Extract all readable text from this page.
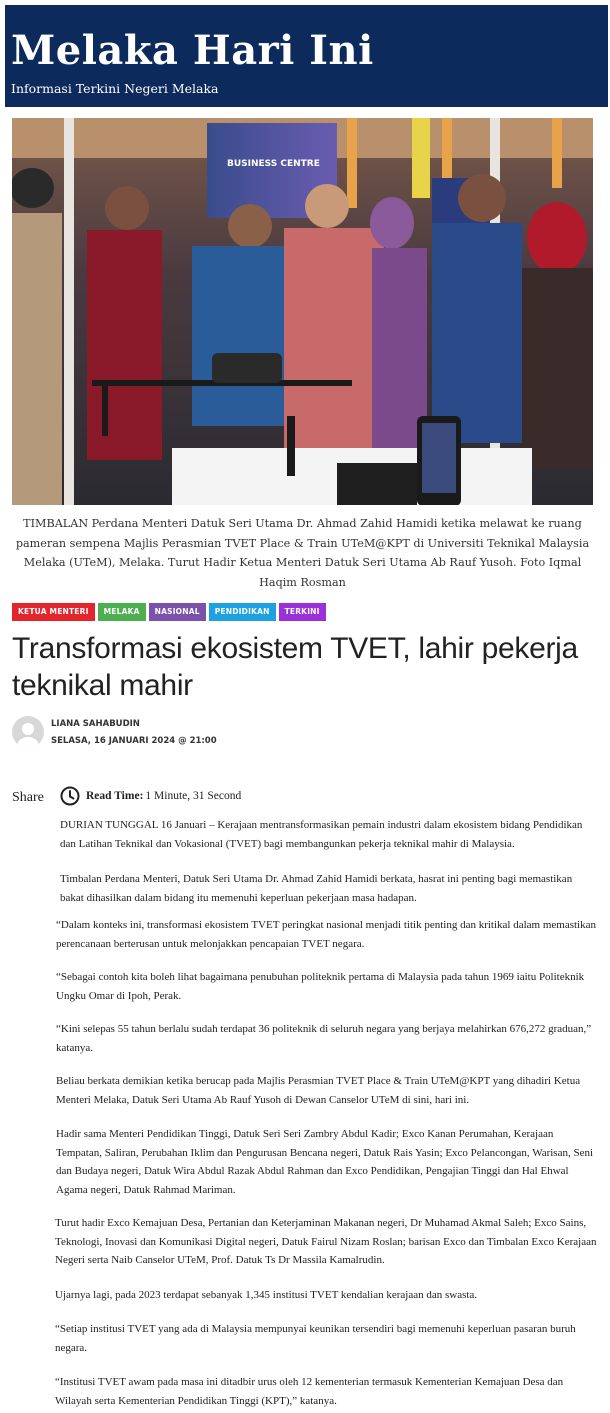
Melaka Hari Ini
Informasi Terkini Negeri Melaka
BUSINESS CENTRE
TIMBALAN Perdana Menteri Datuk Seri Utama Dr. Ahmad Zahid Hamidi ketika melawat ke ruang pameran sempena Majlis Perasmian TVET Place & Train UTeM@KPT di Universiti Teknikal Malaysia Melaka (UTeM), Melaka. Turut Hadir Ketua Menteri Datuk Seri Utama Ab Rauf Yusoh. Foto Iqmal Haqim Rosman
KETUA MENTERI	MELAKA	NASIONAL	PENDIDIKAN	TERKINI
Transformasi ekosistem TVET, lahir pekerja teknikal mahir
LIANA SAHABUDIN
SELASA, 16 JANUARI 2024 @ 21:00
Share	Read Time: 1 Minute, 31 Second

DURIAN TUNGGAL 16 Januari – Kerajaan mentransformasikan pemain industri dalam ekosistem bidang Pendidikan dan Latihan Teknikal dan Vokasional (TVET) bagi membangunkan pekerja teknikal mahir di Malaysia.

Timbalan Perdana Menteri, Datuk Seri Utama Dr. Ahmad Zahid Hamidi berkata, hasrat ini penting bagi memastikan bakat dihasilkan dalam bidang itu memenuhi keperluan pekerjaan masa hadapan.

“Dalam konteks ini, transformasi ekosistem TVET peringkat nasional menjadi titik penting dan kritikal dalam memastikan perencanaan berterusan untuk melonjakkan pencapaian TVET negara.

“Sebagai contoh kita boleh lihat bagaimana penubuhan politeknik pertama di Malaysia pada tahun 1969 iaitu Politeknik Ungku Omar di Ipoh, Perak.

“Kini selepas 55 tahun berlalu sudah terdapat 36 politeknik di seluruh negara yang berjaya melahirkan 676,272 graduan,” katanya.

Beliau berkata demikian ketika berucap pada Majlis Perasmian TVET Place & Train UTeM@KPT yang dihadiri Ketua Menteri Melaka, Datuk Seri Utama Ab Rauf Yusoh di Dewan Canselor UTeM di sini, hari ini.

Hadir sama Menteri Pendidikan Tinggi, Datuk Seri Seri Zambry Abdul Kadir; Exco Kanan Perumahan, Kerajaan Tempatan, Saliran, Perubahan Iklim dan Pengurusan Bencana negeri, Datuk Rais Yasin; Exco Pelancongan, Warisan, Seni dan Budaya negeri, Datuk Wira Abdul Razak Abdul Rahman dan Exco Pendidikan, Pengajian Tinggi dan Hal Ehwal Agama negeri, Datuk Rahmad Mariman.

Turut hadir Exco Kemajuan Desa, Pertanian dan Keterjaminan Makanan negeri, Dr Muhamad Akmal Saleh; Exco Sains, Teknologi, Inovasi dan Komunikasi Digital negeri, Datuk Fairul Nizam Roslan; barisan Exco dan Timbalan Exco Kerajaan Negeri serta Naib Canselor UTeM, Prof. Datuk Ts Dr Massila Kamalrudin.

Ujarnya lagi, pada 2023 terdapat sebanyak 1,345 institusi TVET kendalian kerajaan dan swasta.

“Setiap institusi TVET yang ada di Malaysia mempunyai keunikan tersendiri bagi memenuhi keperluan pasaran buruh negara.

“Institusi TVET awam pada masa ini ditadbir urus oleh 12 kementerian termasuk Kementerian Kemajuan Desa dan Wilayah serta Kementerian Pendidikan Tinggi (KPT),” katanya.
